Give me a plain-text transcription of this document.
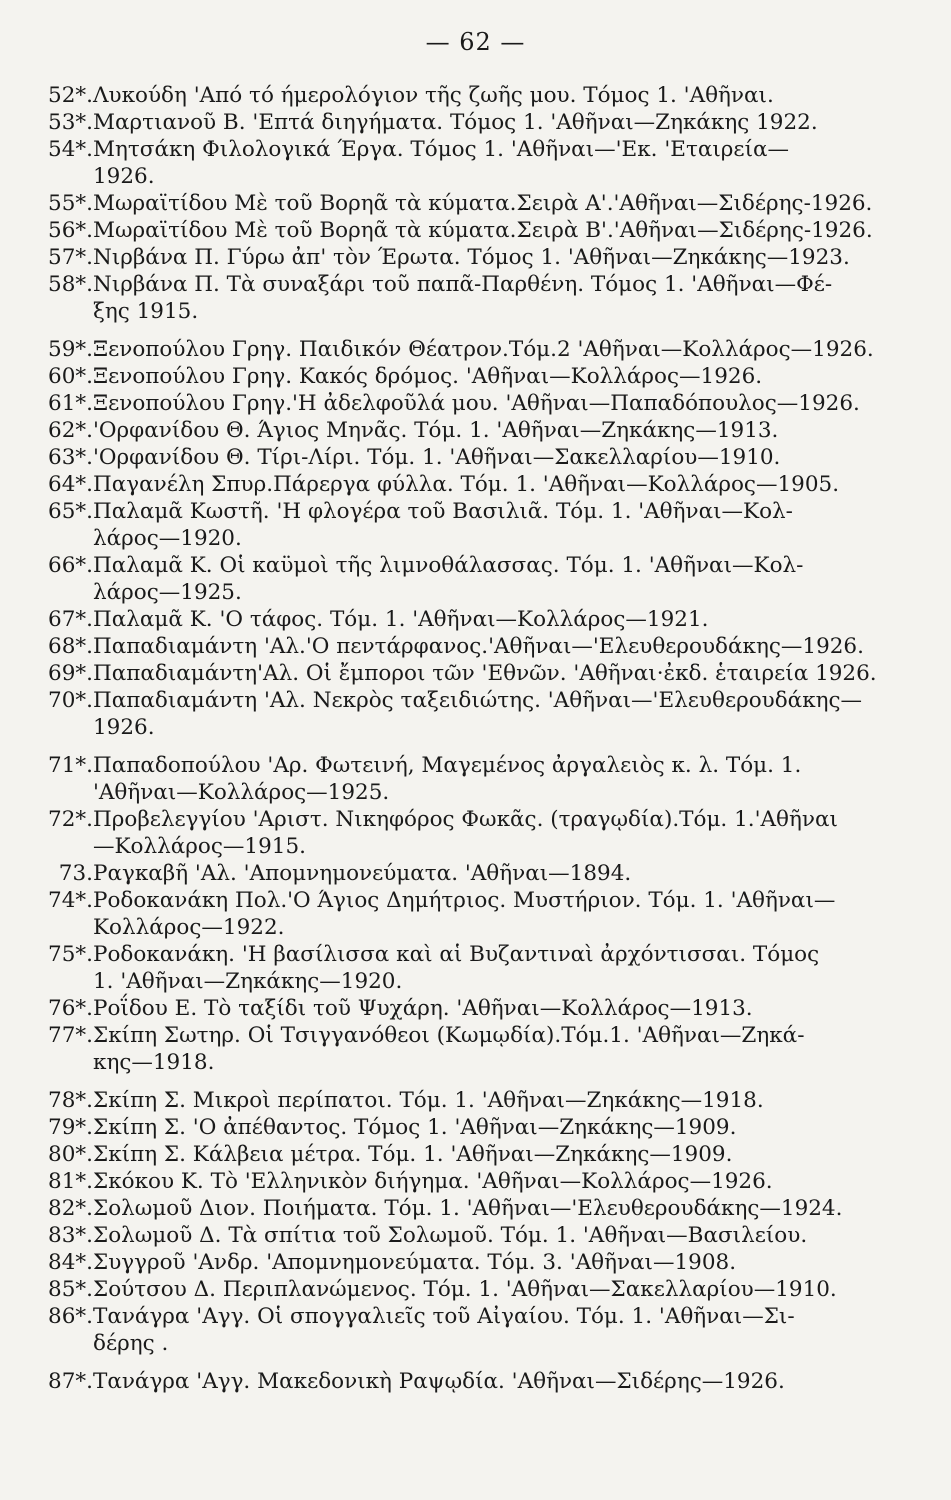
— 62 —
52*. Λυκούδη 'Από τό ήμερολόγιον τῆς ζωῆς μου. Τόμος 1. 'Αθῆναι.
53*. Μαρτιανοῦ Β. 'Επτά διηγήματα. Τόμος 1. 'Αθῆναι—Ζηκάκης 1922.
54*. Μητσάκη Φιλολογικά Έργα. Τόμος 1. 'Αθῆναι—'Εκ. 'Εταιρεία—
1926.
55*. Μωραϊτίδου Μὲ τοῦ Βορηᾶ τὰ κύματα.Σειρὰ Α'.'Αθῆναι—Σιδέρης-1926.
56*. Μωραϊτίδου Μὲ τοῦ Βορηᾶ τὰ κύματα.Σειρὰ Β'.'Αθῆναι—Σιδέρης-1926.
57*. Νιρβάνα Π. Γύρω ἀπ' τὸν Έρωτα. Τόμος 1. 'Αθῆναι—Ζηκάκης—1923.
58*. Νιρβάνα Π. Τὰ συναξάρι τοῦ παπᾶ-Παρθένη. Τόμος 1. 'Αθῆναι—Φέ-
ξης 1915.
59*. Ξενοπούλου Γρηγ. Παιδικόν Θέατρον.Τόμ.2 'Αθῆναι—Κολλάρος—1926.
60*. Ξενοπούλου Γρηγ. Κακός δρόμος. 'Αθῆναι—Κολλάρος—1926.
61*. Ξενοπούλου Γρηγ.'Η ἀδελφοῦλά μου. 'Αθῆναι—Παπαδόπουλος—1926.
62*. 'Ορφανίδου Θ. Άγιος Μηνᾶς. Τόμ. 1. 'Αθῆναι—Ζηκάκης—1913.
63*. 'Ορφανίδου Θ. Τίρι-Λίρι. Τόμ. 1. 'Αθῆναι—Σακελλαρίου—1910.
64*. Παγανέλη Σπυρ.Πάρεργα φύλλα. Τόμ. 1. 'Αθῆναι—Κολλάρος—1905.
65*. Παλαμᾶ Κωστῆ. 'Η φλογέρα τοῦ Βασιλιᾶ. Τόμ. 1. 'Αθῆναι—Κολ-
λάρος—1920.
66*. Παλαμᾶ Κ. Οἱ καϋμοὶ τῆς λιμνοθάλασσας. Τόμ. 1. 'Αθῆναι—Κολ-
λάρος—1925.
67*. Παλαμᾶ Κ. 'Ο τάφος. Τόμ. 1. 'Αθῆναι—Κολλάρος—1921.
68*. Παπαδιαμάντη 'Αλ.'Ο πεντάρφανος.'Αθῆναι—'Ελευθερουδάκης—1926.
69*. Παπαδιαμάντη'Αλ. Οἱ ἔμποροι τῶν 'Εθνῶν. 'Αθῆναι·ἐκδ. ἑταιρεία 1926.
70*. Παπαδιαμάντη 'Αλ. Νεκρὸς ταξειδιώτης. 'Αθῆναι—'Ελευθερουδάκης—
1926.
71*. Παπαδοπούλου 'Αρ. Φωτεινή, Μαγεμένος ἀργαλειὸς κ. λ. Τόμ. 1.
'Αθῆναι—Κολλάρος—1925.
72*. Προβελεγγίου 'Αριστ. Νικηφόρος Φωκᾶς. (τραγῳδία).Τόμ. 1.'Αθῆναι
—Κολλάρος—1915.
73. Ραγκαβῆ 'Αλ. 'Απομνημονεύματα. 'Αθῆναι—1894.
74*. Ροδοκανάκη Πολ.'Ο Άγιος Δημήτριος. Μυστήριον. Τόμ. 1. 'Αθῆναι—
Κολλάρος—1922.
75*. Ροδοκανάκη. 'Η βασίλισσα καὶ αἱ Βυζαντιναὶ ἀρχόντισσαι. Τόμος
1. 'Αθῆναι—Ζηκάκης—1920.
76*. Ροΐδου Ε. Τὸ ταξίδι τοῦ Ψυχάρη. 'Αθῆναι—Κολλάρος—1913.
77*. Σκίπη Σωτηρ. Οἱ Τσιγγανόθεοι (Κωμῳδία).Τόμ.1. 'Αθῆναι—Ζηκά-
κης—1918.
78*. Σκίπη Σ. Μικροὶ περίπατοι. Τόμ. 1. 'Αθῆναι—Ζηκάκης—1918.
79*. Σκίπη Σ. 'Ο ἀπέθαντος. Τόμος 1. 'Αθῆναι—Ζηκάκης—1909.
80*. Σκίπη Σ. Κάλβεια μέτρα. Τόμ. 1. 'Αθῆναι—Ζηκάκης—1909.
81*. Σκόκου Κ. Τὸ 'Ελληνικὸν διήγημα. 'Αθῆναι—Κολλάρος—1926.
82*. Σολωμοῦ Διον. Ποιήματα. Τόμ. 1. 'Αθῆναι—'Ελευθερουδάκης—1924.
83*. Σολωμοῦ Δ. Τὰ σπίτια τοῦ Σολωμοῦ. Τόμ. 1. 'Αθῆναι—Βασιλείου.
84*. Συγγροῦ 'Ανδρ. 'Απομνημονεύματα. Τόμ. 3. 'Αθῆναι—1908.
85*. Σούτσου Δ. Περιπλανώμενος. Τόμ. 1. 'Αθῆναι—Σακελλαρίου—1910.
86*. Τανάγρα 'Αγγ. Οἱ σπογγαλιεῖς τοῦ Αἰγαίου. Τόμ. 1. 'Αθῆναι—Σι-
δέρης .
87*. Τανάγρα 'Αγγ. Μακεδονικὴ Ραψῳδία. 'Αθῆναι—Σιδέρης—1926.
